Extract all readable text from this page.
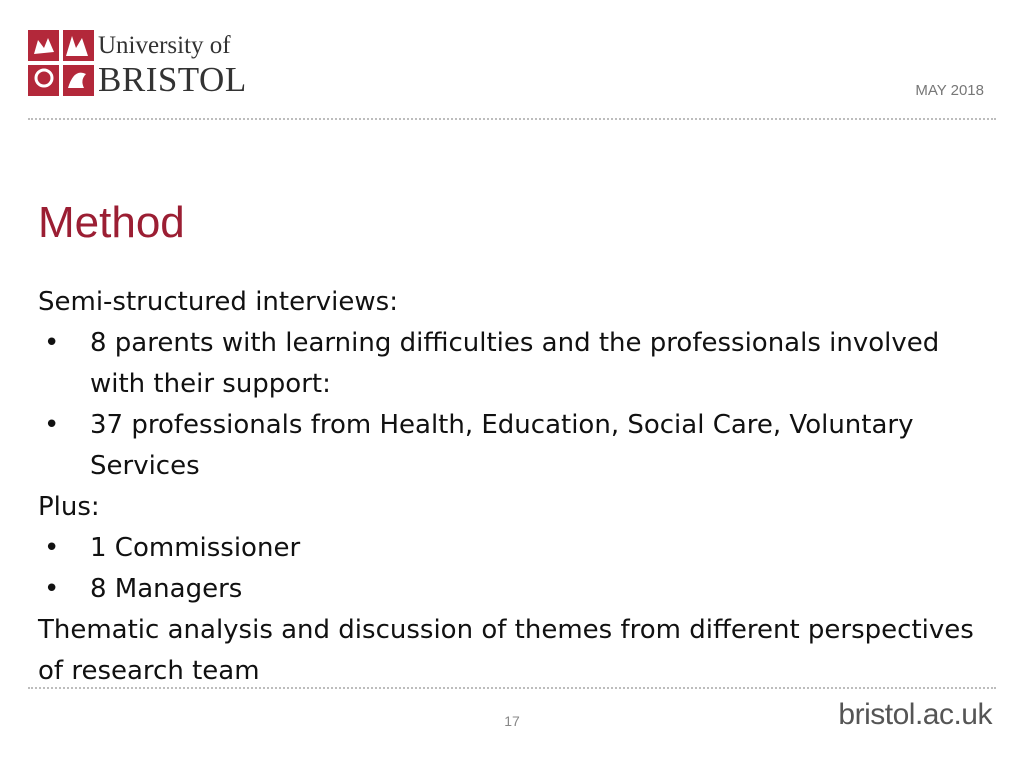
University of
BRISTOL	MAY 2018
Method
Semi-structured interviews:
• 8 parents with learning difficulties and the professionals involved with their support:
• 37 professionals from Health, Education, Social Care, Voluntary Services
Plus:
• 1 Commissioner
• 8 Managers
Thematic analysis and discussion of themes from different perspectives of research team
17	bristol.ac.uk
